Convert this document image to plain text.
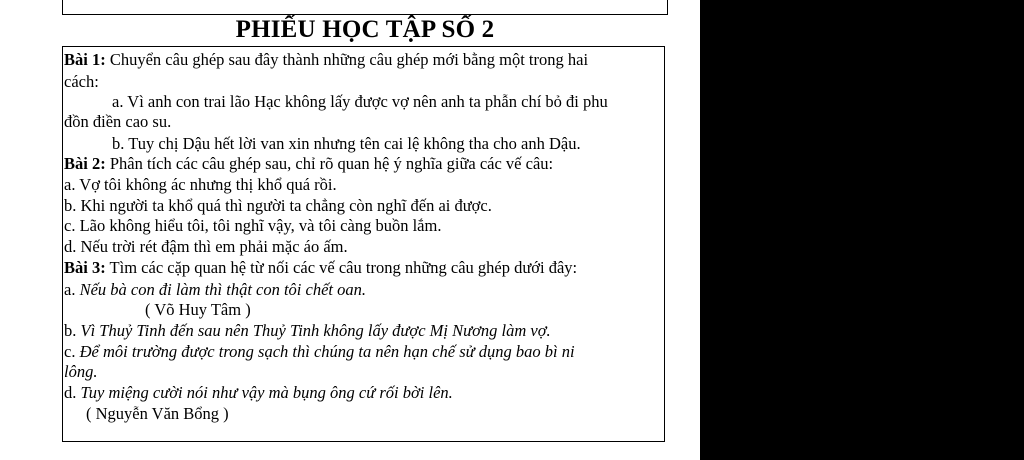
PHIẾU HỌC TẬP SỐ 2
Bài 1: Chuyển câu ghép sau đây thành những câu ghép mới bằng một trong hai
cách:
a. Vì anh con trai lão Hạc không lấy được vợ nên anh ta phẫn chí bỏ đi phu
đồn điền cao su.
b. Tuy chị Dậu hết lời van xin nhưng tên cai lệ không tha cho anh Dậu.
Bài 2: Phân tích các câu ghép sau, chỉ rõ quan hệ ý nghĩa giữa các vế câu:
a. Vợ tôi không ác nhưng thị khổ quá rồi.
b. Khi người ta khổ quá thì người ta chẳng còn nghĩ đến ai được.
c. Lão không hiểu tôi, tôi nghĩ vậy, và tôi càng buồn lắm.
d. Nếu trời rét đậm thì em phải mặc áo ấm.
Bài 3: Tìm các cặp quan hệ từ nối các vế câu trong những câu ghép dưới đây:
a. Nếu bà con đi làm thì thật con tôi chết oan.
( Võ Huy Tâm )
b. Vì Thuỷ Tinh đến sau nên Thuỷ Tinh không lấy được Mị Nương làm vợ.
c. Để môi trường được trong sạch thì chúng ta nên hạn chế sử dụng bao bì ni
lông.
d. Tuy miệng cười nói như vậy mà bụng ông cứ rối bời lên.
( Nguyễn Văn Bổng )
